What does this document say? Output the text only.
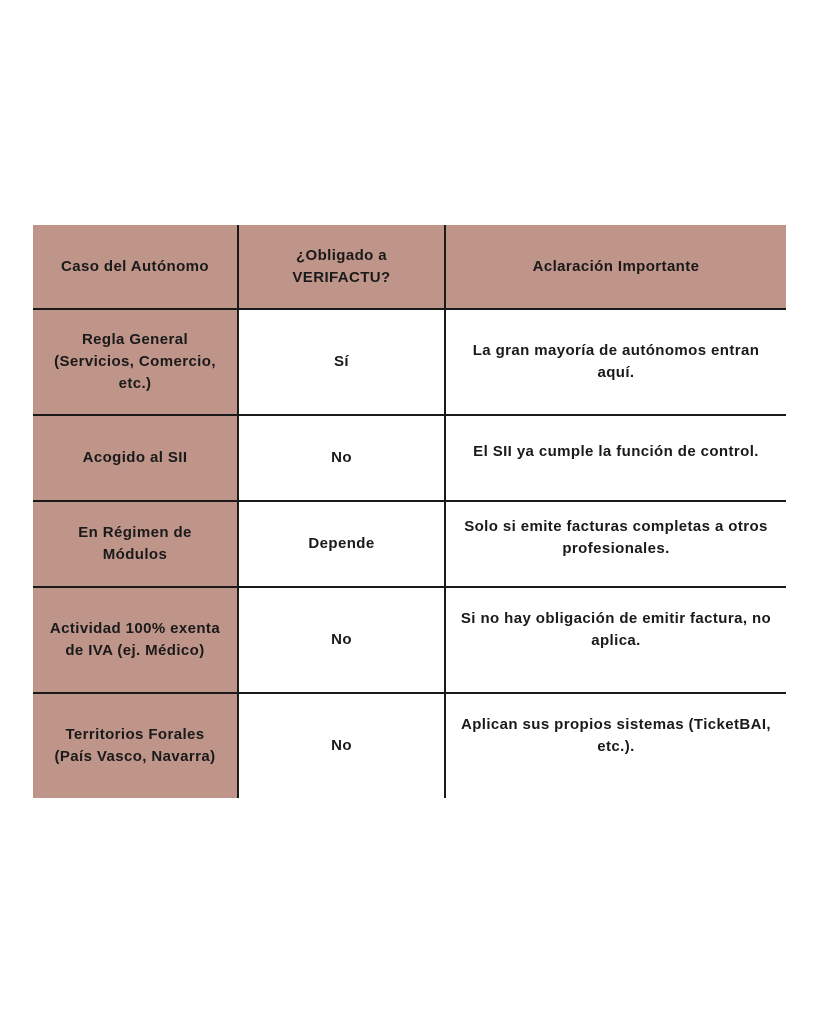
Caso del Autónomo	¿Obligado a VERIFACTU?	Aclaración Importante
Regla General (Servicios, Comercio, etc.)	Sí	La gran mayoría de autónomos entran aquí.
Acogido al SII	No	El SII ya cumple la función de control.
En Régimen de Módulos	Depende	Solo si emite facturas completas a otros profesionales.
Actividad 100% exenta de IVA (ej. Médico)	No	Si no hay obligación de emitir factura, no aplica.
Territorios Forales (País Vasco, Navarra)	No	Aplican sus propios sistemas (TicketBAI, etc.).
